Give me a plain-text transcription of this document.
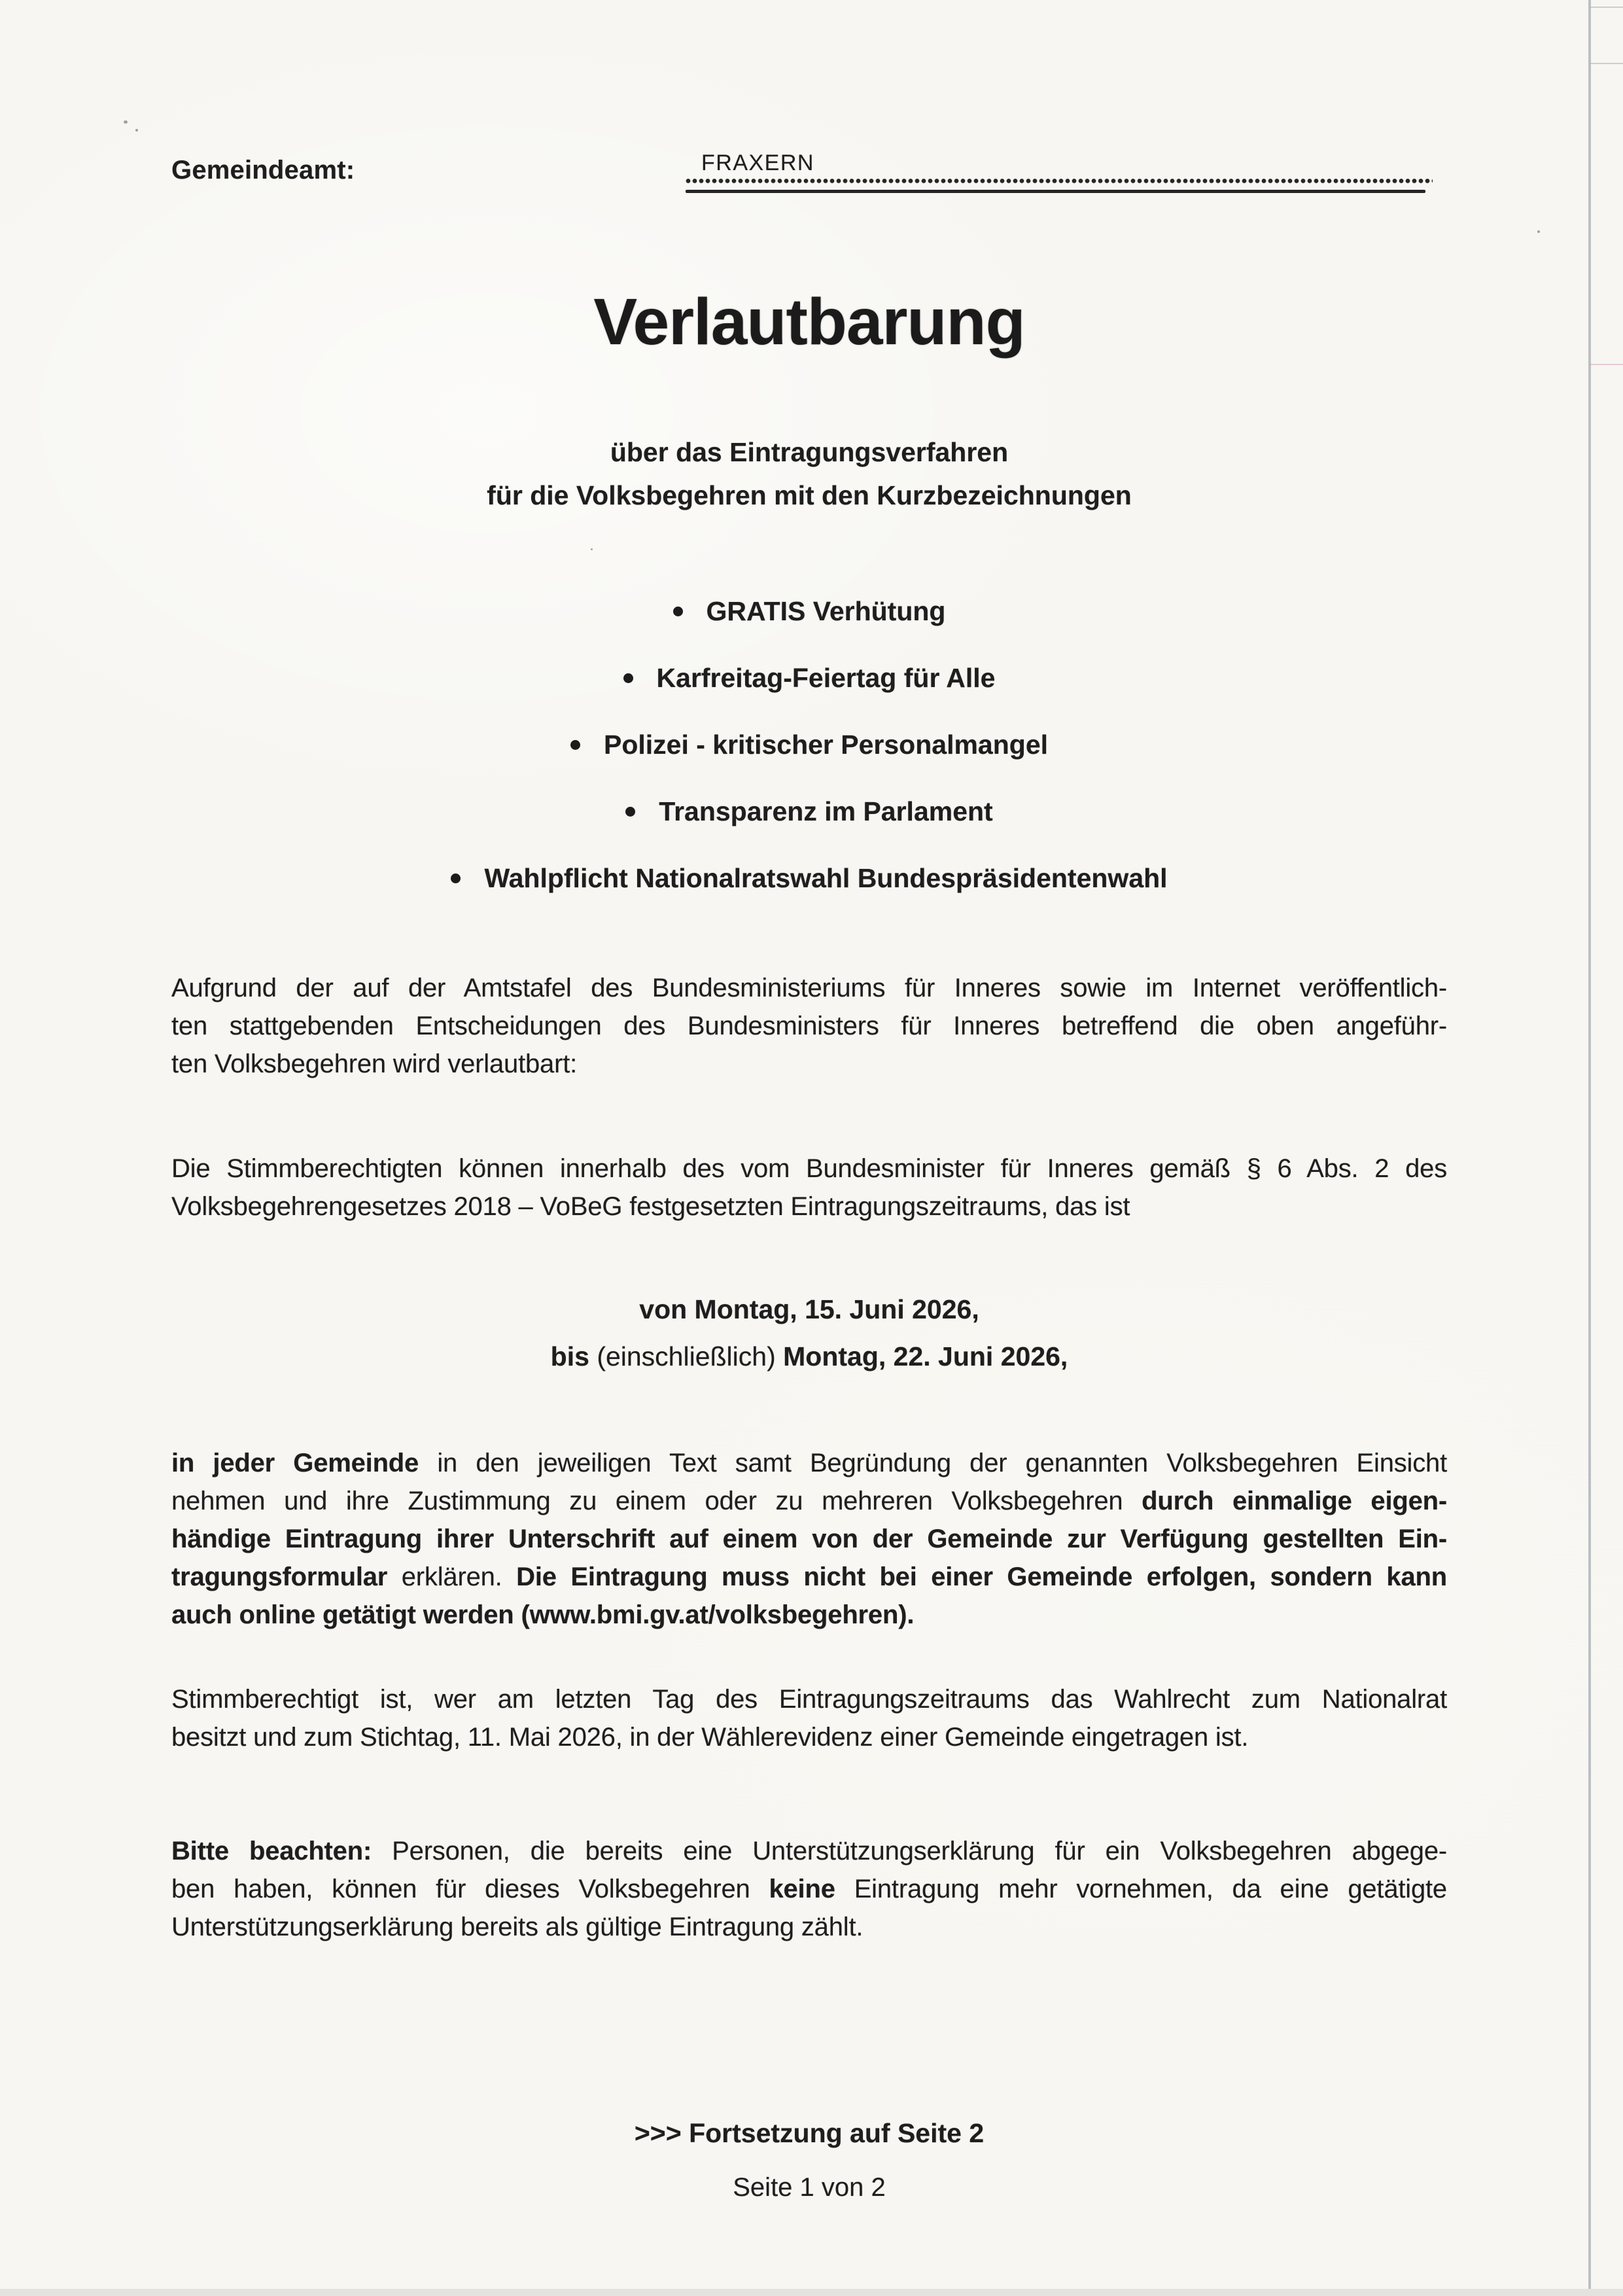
Gemeindeamt:	FRAXERN
Verlautbarung
über das Eintragungsverfahren
für die Volksbegehren mit den Kurzbezeichnungen
GRATIS Verhütung
Karfreitag-Feiertag für Alle
Polizei - kritischer Personalmangel
Transparenz im Parlament
Wahlpflicht Nationalratswahl Bundespräsidentenwahl
Aufgrund der auf der Amtstafel des Bundesministeriums für Inneres sowie im Internet veröffentlich-
ten stattgebenden Entscheidungen des Bundesministers für Inneres betreffend die oben angeführ-
ten Volksbegehren wird verlautbart:
Die Stimmberechtigten können innerhalb des vom Bundesminister für Inneres gemäß § 6 Abs. 2 des
Volksbegehrengesetzes 2018 – VoBeG festgesetzten Eintragungszeitraums, das ist
von Montag, 15. Juni 2026,
bis (einschließlich) Montag, 22. Juni 2026,
in jeder Gemeinde in den jeweiligen Text samt Begründung der genannten Volksbegehren Einsicht
nehmen und ihre Zustimmung zu einem oder zu mehreren Volksbegehren durch einmalige eigen-
händige Eintragung ihrer Unterschrift auf einem von der Gemeinde zur Verfügung gestellten Ein-
tragungsformular erklären. Die Eintragung muss nicht bei einer Gemeinde erfolgen, sondern kann
auch online getätigt werden (www.bmi.gv.at/volksbegehren).
Stimmberechtigt ist, wer am letzten Tag des Eintragungszeitraums das Wahlrecht zum Nationalrat
besitzt und zum Stichtag, 11. Mai 2026, in der Wählerevidenz einer Gemeinde eingetragen ist.
Bitte beachten: Personen, die bereits eine Unterstützungserklärung für ein Volksbegehren abgege-
ben haben, können für dieses Volksbegehren keine Eintragung mehr vornehmen, da eine getätigte
Unterstützungserklärung bereits als gültige Eintragung zählt.
>>> Fortsetzung auf Seite 2
Seite 1 von 2
